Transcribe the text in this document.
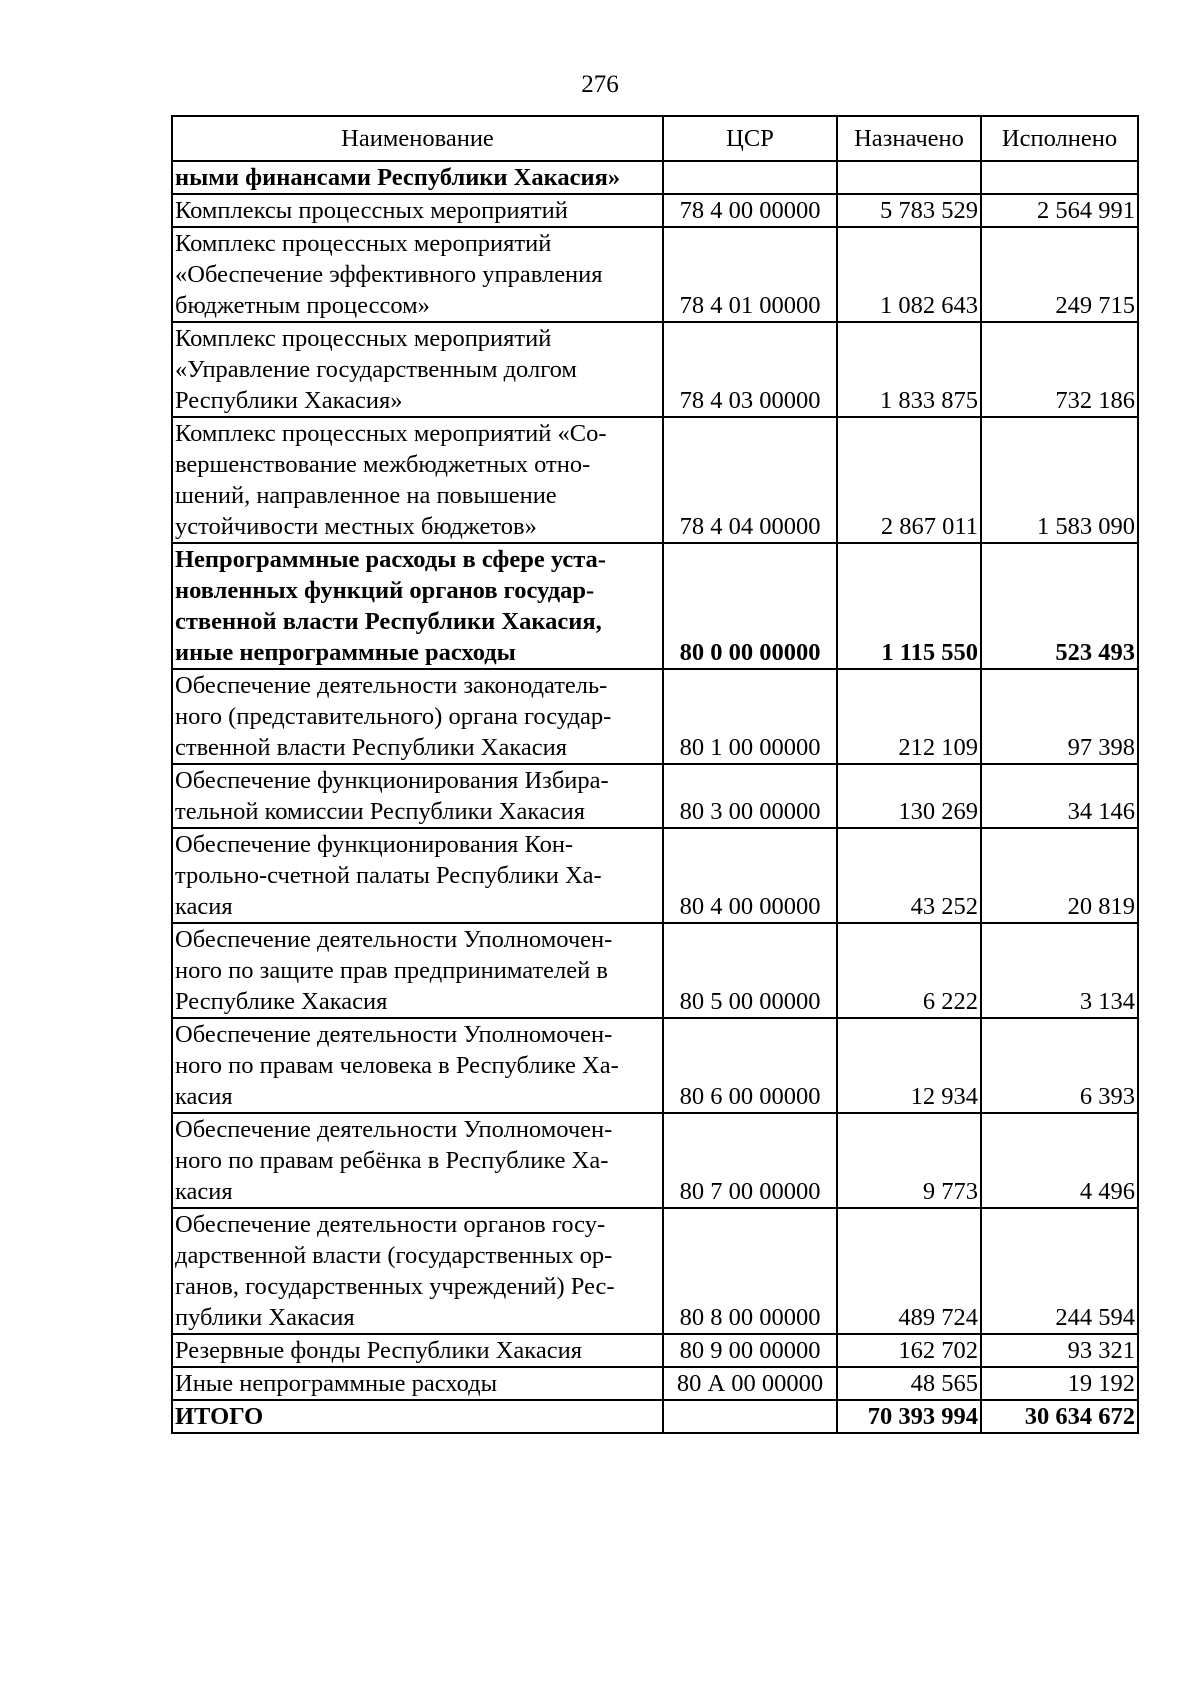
276
Наименование	ЦСР	Назначено	Исполнено

ными финансами Республики Хакасия»			

Комплексы процессных мероприятий	78 4 00 00000	5 783 529	2 564 991

Комплекс процессных мероприятий
«Обеспечение эффективного управления
бюджетным процессом»	78 4 01 00000	1 082 643	249 715

Комплекс процессных мероприятий
«Управление государственным долгом
Республики Хакасия»	78 4 03 00000	1 833 875	732 186

Комплекс процессных мероприятий «Со-
вершенствование межбюджетных отно-
шений, направленное на повышение
устойчивости местных бюджетов»	78 4 04 00000	2 867 011	1 583 090

Непрограммные расходы в сфере уста-
новленных функций органов государ-
ственной власти Республики Хакасия,
иные непрограммные расходы	80 0 00 00000	1 115 550	523 493

Обеспечение деятельности законодатель-
ного (представительного) органа государ-
ственной власти Республики Хакасия	80 1 00 00000	212 109	97 398

Обеспечение функционирования Избира-
тельной комиссии Республики Хакасия	80 3 00 00000	130 269	34 146

Обеспечение функционирования Кон-
трольно-счетной палаты Республики Ха-
касия	80 4 00 00000	43 252	20 819

Обеспечение деятельности Уполномочен-
ного по защите прав предпринимателей в
Республике Хакасия	80 5 00 00000	6 222	3 134

Обеспечение деятельности Уполномочен-
ного по правам человека в Республике Ха-
касия	80 6 00 00000	12 934	6 393

Обеспечение деятельности Уполномочен-
ного по правам ребёнка в Республике Ха-
касия	80 7 00 00000	9 773	4 496

Обеспечение деятельности органов госу-
дарственной власти (государственных ор-
ганов, государственных учреждений) Рес-
публики Хакасия	80 8 00 00000	489 724	244 594

Резервные фонды Республики Хакасия	80 9 00 00000	162 702	93 321

Иные непрограммные расходы	80 А 00 00000	48 565	19 192

ИТОГО		70 393 994	30 634 672
